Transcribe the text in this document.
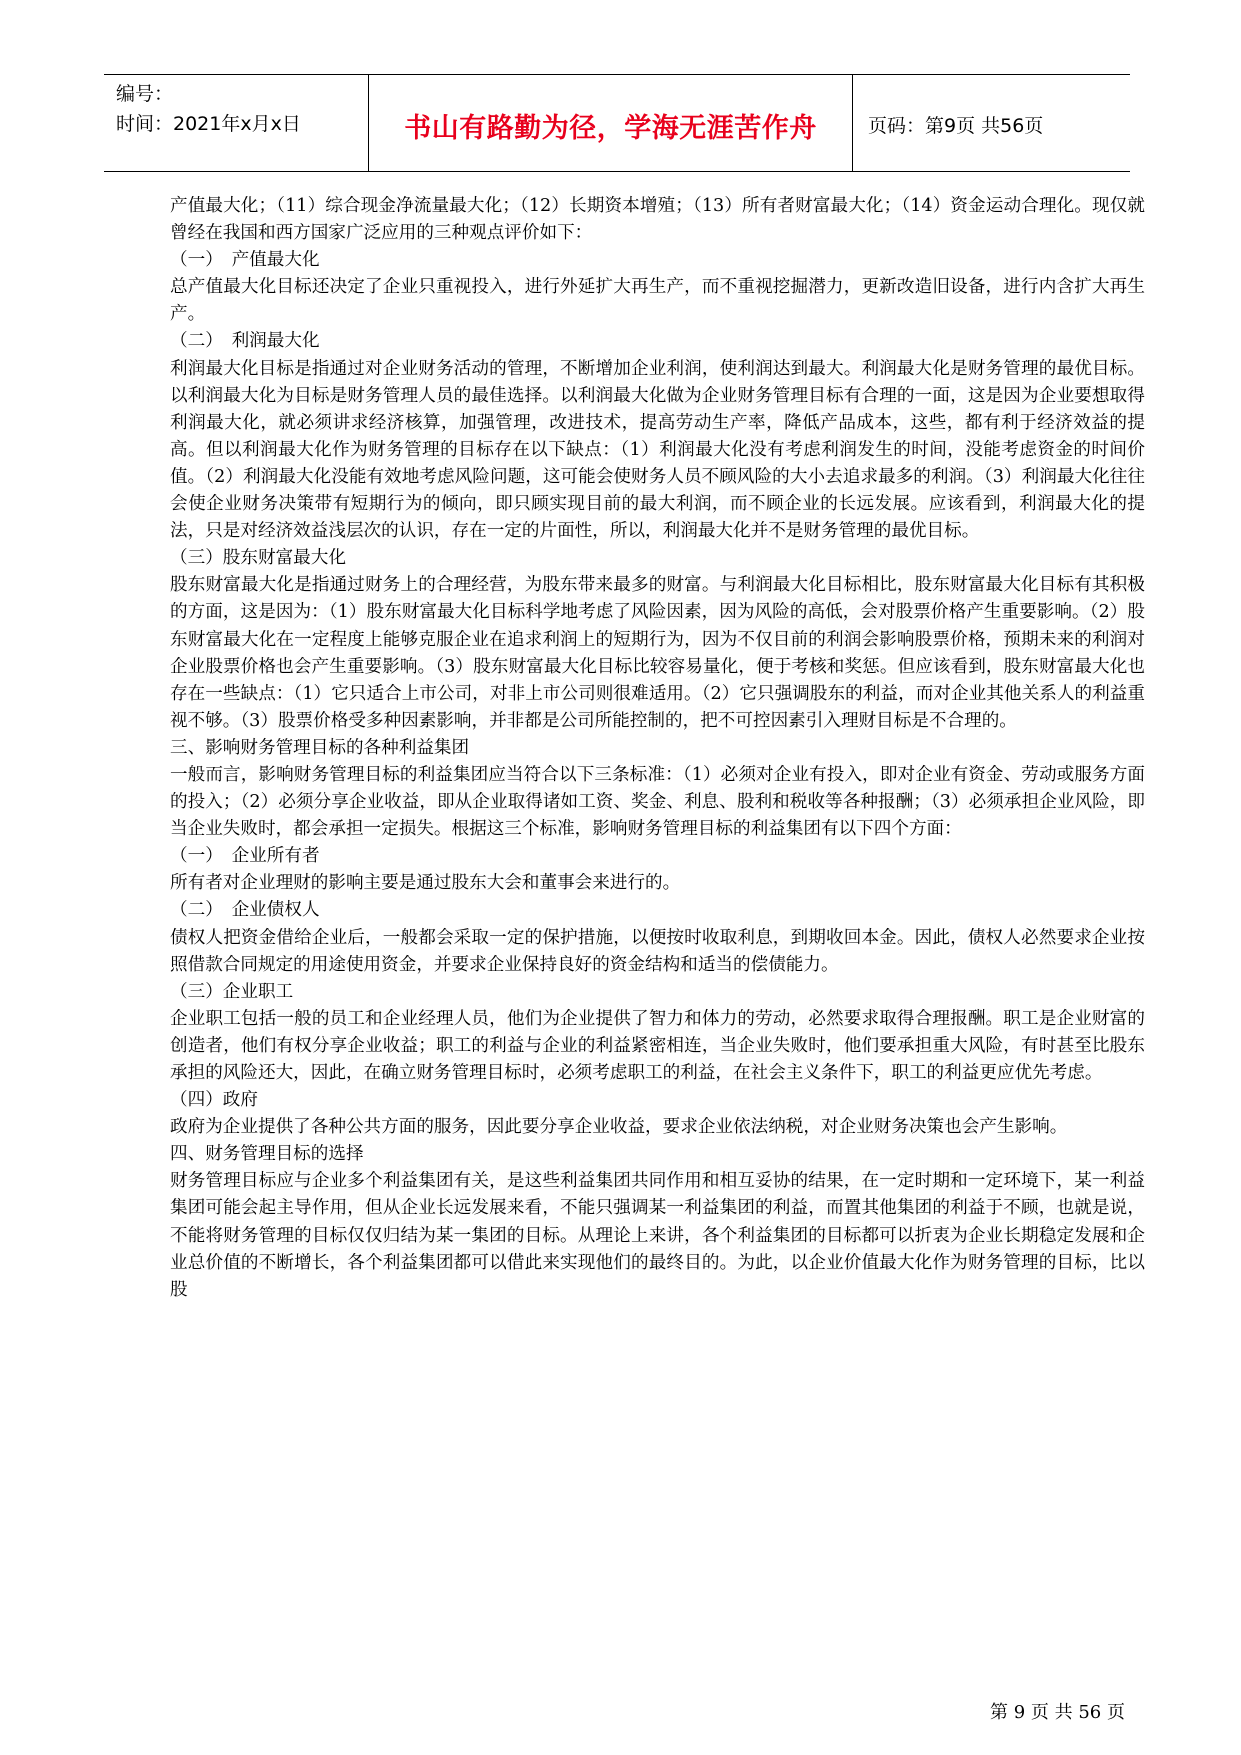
编号：
时间：2021年x月x日	书山有路勤为径，学海无涯苦作舟	页码：第9页 共56页

产值最大化；（11）综合现金净流量最大化；（12）长期资本增殖；（13）所有者财富最大化；（14）资金运动合理化。现仅就曾经在我国和西方国家广泛应用的三种观点评价如下：

（一）　产值最大化

总产值最大化目标还决定了企业只重视投入，进行外延扩大再生产，而不重视挖掘潜力，更新改造旧设备，进行内含扩大再生产。

（二）　利润最大化

利润最大化目标是指通过对企业财务活动的管理，不断增加企业利润，使利润达到最大。利润最大化是财务管理的最优目标。以利润最大化为目标是财务管理人员的最佳选择。以利润最大化做为企业财务管理目标有合理的一面，这是因为企业要想取得利润最大化，就必须讲求经济核算，加强管理，改进技术，提高劳动生产率，降低产品成本，这些，都有利于经济效益的提高。但以利润最大化作为财务管理的目标存在以下缺点：（1）利润最大化没有考虑利润发生的时间，没能考虑资金的时间价值。（2）利润最大化没能有效地考虑风险问题，这可能会使财务人员不顾风险的大小去追求最多的利润。（3）利润最大化往往会使企业财务决策带有短期行为的倾向，即只顾实现目前的最大利润，而不顾企业的长远发展。应该看到，利润最大化的提法，只是对经济效益浅层次的认识，存在一定的片面性，所以，利润最大化并不是财务管理的最优目标。

（三）股东财富最大化

股东财富最大化是指通过财务上的合理经营，为股东带来最多的财富。与利润最大化目标相比，股东财富最大化目标有其积极的方面，这是因为：（1）股东财富最大化目标科学地考虑了风险因素，因为风险的高低，会对股票价格产生重要影响。（2）股东财富最大化在一定程度上能够克服企业在追求利润上的短期行为，因为不仅目前的利润会影响股票价格，预期未来的利润对企业股票价格也会产生重要影响。（3）股东财富最大化目标比较容易量化，便于考核和奖惩。但应该看到，股东财富最大化也存在一些缺点：（1）它只适合上市公司，对非上市公司则很难适用。（2）它只强调股东的利益，而对企业其他关系人的利益重视不够。（3）股票价格受多种因素影响，并非都是公司所能控制的，把不可控因素引入理财目标是不合理的。

三、影响财务管理目标的各种利益集团

一般而言，影响财务管理目标的利益集团应当符合以下三条标准：（1）必须对企业有投入，即对企业有资金、劳动或服务方面的投入；（2）必须分享企业收益，即从企业取得诸如工资、奖金、利息、股利和税收等各种报酬；（3）必须承担企业风险，即当企业失败时，都会承担一定损失。根据这三个标准，影响财务管理目标的利益集团有以下四个方面：

（一）　企业所有者

所有者对企业理财的影响主要是通过股东大会和董事会来进行的。

（二）　企业债权人

债权人把资金借给企业后，一般都会采取一定的保护措施，以便按时收取利息，到期收回本金。因此，债权人必然要求企业按照借款合同规定的用途使用资金，并要求企业保持良好的资金结构和适当的偿债能力。

（三）企业职工

企业职工包括一般的员工和企业经理人员，他们为企业提供了智力和体力的劳动，必然要求取得合理报酬。职工是企业财富的创造者，他们有权分享企业收益；职工的利益与企业的利益紧密相连，当企业失败时，他们要承担重大风险，有时甚至比股东承担的风险还大，因此，在确立财务管理目标时，必须考虑职工的利益，在社会主义条件下，职工的利益更应优先考虑。

（四）政府

政府为企业提供了各种公共方面的服务，因此要分享企业收益，要求企业依法纳税，对企业财务决策也会产生影响。

四、财务管理目标的选择

财务管理目标应与企业多个利益集团有关，是这些利益集团共同作用和相互妥协的结果，在一定时期和一定环境下，某一利益集团可能会起主导作用，但从企业长远发展来看，不能只强调某一利益集团的利益，而置其他集团的利益于不顾，也就是说，不能将财务管理的目标仅仅归结为某一集团的目标。从理论上来讲，各个利益集团的目标都可以折衷为企业长期稳定发展和企业总价值的不断增长，各个利益集团都可以借此来实现他们的最终目的。为此，以企业价值最大化作为财务管理的目标，比以股

第 9 页 共 56 页
